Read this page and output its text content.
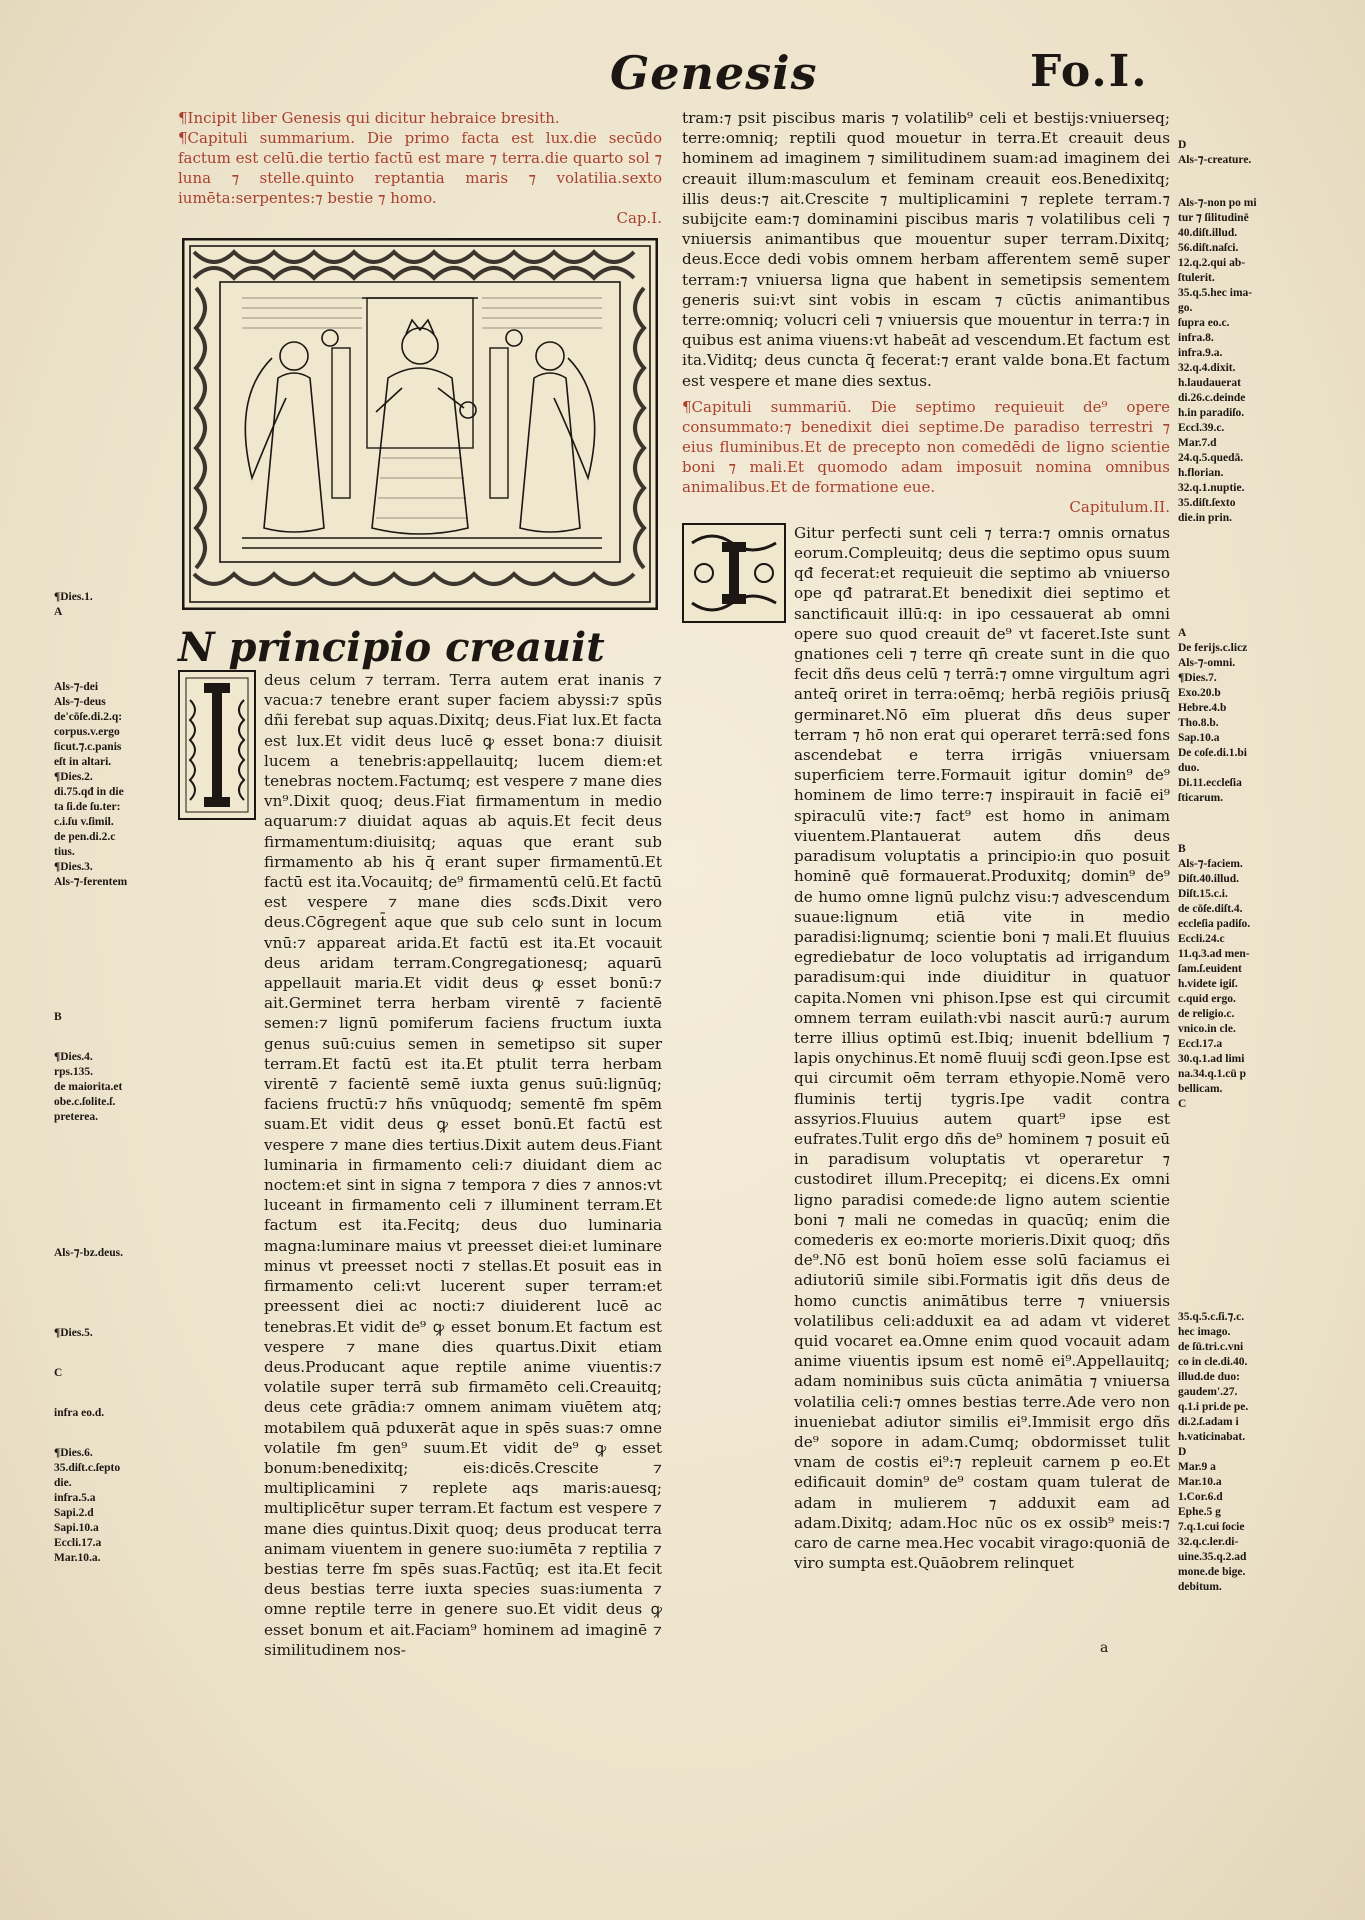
Genesis	Fo.I.
¶Dies.1.
A
Als-⁊-dei
Als-⁊-deus
de'cōſe.di.2.q:
corpus.v.ergo
ſicut.⁊.c.panis
eſt in altari.
¶Dies.2.
di.75.qđ in die
ta ſi.de ſu.ter:
c.i.ſu v.ſimil.
de pen.di.2.c
tius.
¶Dies.3.
Als-⁊-ferentem
B
¶Dies.4.
rps.135.
de maiorita.et
obe.c.ſolite.ſ.
pretereа.
Als-⁊-bz.deus.
¶Dies.5.
C
infra eo.d.
¶Dies.6.
35.diſt.c.ſepto
die.
infra.5.a
Sapi.2.d
Sapi.10.a
Eccli.17.a
Mar.10.a.
D
Als-⁊-creature.
Als-⁊-non po mi
tur ⁊ ſilitudinē
40.diſt.illud.
56.diſt.naſci.
12.q.2.qui ab-
ſtulerit.
35.q.5.hec ima-
go.
ſupra eo.c.
infra.8.
infra.9.a.
32.q.4.dixit.
h.laudauerat
di.26.c.deinde
h.in paradiſo.
Eccl.39.c.
Mar.7.d
24.q.5.quedā.
h.florian.
32.q.1.nuptie.
35.diſt.ſexto
die.in prin.
A
De ferijs.c.licz
Als-⁊-omni.
¶Dies.7.
Exo.20.b
Hebre.4.b
Tho.8.b.
Sap.10.a
De coſe.di.1.bi
duo.
Di.11.eccleſia
ſticarum.
B
Als-⁊-faciem.
Diſt.40.illud.
Diſt.15.c.i.
de cōſe.diſt.4.
eccleſia padiſo.
Eccli.24.c
11.q.3.ad men-
ſam.ſ.euident
h.videte igiſ.
c.quid ergo.
de religio.c.
vnico.in cle.
Eccl.17.a
30.q.1.ad limi
na.34.q.1.cū p
bellicam.
C
35.q.5.c.ſi.⁊.c.
hec imago.
de ſū.tri.c.vni
co in cle.di.40.
illud.de duo:
gaudem'.27.
q.1.i pri.de pe.
di.2.ſ.adam i
h.vaticinabat.
D
Mar.9 a
Mar.10.a
1.Cor.6.d
Ephe.5 g
7.q.1.cui ſocie
32.q.c.ler.di-
uine.35.q.2.ad
mone.de bige.
debitum.

¶Incipit liber Genesis qui dicitur hebraice bresith.
¶Capituli summarium. Die primo facta est lux.die secūdo factum est celū.die tertio factū est mare ⁊ terra.die quarto sol ⁊ luna ⁊ stelle.quinto reptantia maris ⁊ volatilia.sexto iumēta:serpentes:⁊ bestie ⁊ homo.
Cap.I.

N principio creauit

deus celum ⁊ terram. Terra autem erat inanis ⁊ vacua:⁊ tenebre erant super faciem abyssi:⁊ spūs dñi ferebat sup aquas.Dixitq; deus.Fiat lux.Et facta est lux.Et vidit deus lucē ꝙ esset bona:⁊ diuisit lucem a tenebris:appellauitq; lucem diem:et tenebras noctem.Factumq; est vespere ⁊ mane dies vn⁹.Dixit quoq; deus.Fiat firmamentum in medio aquarum:⁊ diuidat aquas ab aquis.Et fecit deus firmamentum:diuisitq; aquas que erant sub firmamento ab his q̄ erant super firmamentū.Et factū est ita.Vocauitq; de⁹ firmamentū celū.Et factū est vespere ⁊ mane dies scđs.Dixit vero deus.Cōgregent̄ aque que sub celo sunt in locum vnū:⁊ appareat arida.Et factū est ita.Et vocauit deus aridam terram.Congregationesq; aquarū appellauit maria.Et vidit deus ꝙ esset bonū:⁊ ait.Germinet terra herbam virentē ⁊ facientē semen:⁊ lignū pomiferum faciens fructum iuxta genus suū:cuius semen in semetipso sit super terram.Et factū est ita.Et ptulit terra herbam virentē ⁊ facientē semē iuxta genus suū:lignūq; faciens fructū:⁊ hñs vnūquodq; sementē fm spēm suam.Et vidit deus ꝙ esset bonū.Et factū est vespere ⁊ mane dies tertius.Dixit autem deus.Fiant luminaria in firmamento celi:⁊ diuidant diem ac noctem:et sint in signa ⁊ tempora ⁊ dies ⁊ annos:vt luceant in firmamento celi ⁊ illuminent terram.Et factum est ita.Fecitq; deus duo luminaria magna:luminare maius vt preesset diei:et luminare minus vt preesset nocti ⁊ stellas.Et posuit eas in firmamento celi:vt lucerent super terram:et preessent diei ac nocti:⁊ diuiderent lucē ac tenebras.Et vidit de⁹ ꝙ esset bonum.Et factum est vespere ⁊ mane dies quartus.Dixit etiam deus.Producant aque reptile anime viuentis:⁊ volatile super terrā sub firmamēto celi.Creauitq; deus cete grādia:⁊ omnem animam viuētem atq; motabilem quā pduxerāt aque in spēs suas:⁊ omne volatile fm gen⁹ suum.Et vidit de⁹ ꝙ esset bonum:benedixitq; eis:dicēs.Crescite ⁊ multiplicamini ⁊ replete aqs maris:auesq; multiplicētur super terram.Et factum est vespere ⁊ mane dies quintus.Dixit quoq; deus producat terra animam viuentem in genere suo:iumēta ⁊ reptilia ⁊ bestias terre fm spēs suas.Factūq; est ita.Et fecit deus bestias terre iuxta species suas:iumenta ⁊ omne reptile terre in genere suo.Et vidit deus ꝙ esset bonum et ait.Faciam⁹ hominem ad imaginē ⁊ similitudinem nos-

tram:⁊ psit piscibus maris ⁊ volatilib⁹ celi et bestijs:vniuerseq; terre:omniq; reptili quod mouetur in terra.Et creauit deus hominem ad imaginem ⁊ similitudinem suam:ad imaginem dei creauit illum:masculum et feminam creauit eos.Benedixitq; illis deus:⁊ ait.Crescite ⁊ multiplicamini ⁊ replete terram.⁊ subijcite eam:⁊ dominamini piscibus maris ⁊ volatilibus celi ⁊ vniuersis animantibus que mouentur super terram.Dixitq; deus.Ecce dedi vobis omnem herbam afferentem semē super terram:⁊ vniuersa ligna que habent in semetipsis sementem generis sui:vt sint vobis in escam ⁊ cūctis animantibus terre:omniq; volucri celi ⁊ vniuersis que mouentur in terra:⁊ in quibus est anima viuens:vt habeāt ad vescendum.Et factum est ita.Viditq; deus cuncta q̄ fecerat:⁊ erant valde bona.Et factum est vespere et mane dies sextus.

¶Capituli summariū. Die septimo requieuit de⁹ opere consummato:⁊ benedixit diei septime.De paradiso terrestri ⁊ eius fluminibus.Et de precepto non comedēdi de ligno scientie boni ⁊ mali.Et quomodo adam imposuit nomina omnibus animalibus.Et de formatione eue.
Capitulum.II.

Gitur perfecti sunt celi ⁊ terra:⁊ omnis ornatus eorum.Compleuitq; deus die septimo opus suum qđ fecerat:et requieuit die septimo ab vniuerso ope qđ patrarat.Et benedixit diei septimo et sanctificauit illū:q: in ipo cessauerat ab omni opere suo quod creauit de⁹ vt faceret.Iste sunt gnationes celi ⁊ terre qn̄ create sunt in die quo fecit dñs deus celū ⁊ terrā:⁊ omne virgultum agri anteq̄ oriret in terra:oēmq; herbā regiōis priusq̄ germinaret.Nō eīm pluerat dñs deus super terram ⁊ hō non erat qui operaret terrā:sed fons ascendebat e terra irrigās vniuersam superficiem terre.Formauit igitur domin⁹ de⁹ hominem de limo terre:⁊ inspirauit in faciē ei⁹ spiraculū vite:⁊ fact⁹ est homo in animam viuentem.Plantauerat autem dñs deus paradisum voluptatis a principio:in quo posuit hominē quē formauerat.Produxitq; domin⁹ de⁹ de humo omne lignū pulchz visu:⁊ advescendum suaue:lignum etiā vite in medio paradisi:lignumq; scientie boni ⁊ mali.Et fluuius egrediebatur de loco voluptatis ad irrigandum paradisum:qui inde diuiditur in quatuor capita.Nomen vni phison.Ipse est qui circumit omnem terram euilath:vbi nascit aurū:⁊ aurum terre illius optimū est.Ibiq; inuenit bdellium ⁊ lapis onychinus.Et nomē fluuij scđi geon.Ipse est qui circumit oēm terram ethyopie.Nomē vero fluminis tertij tygris.Ipe vadit contra assyrios.Fluuius autem quart⁹ ipse est eufrates.Tulit ergo dñs de⁹ hominem ⁊ posuit eū in paradisum voluptatis vt operaretur ⁊ custodiret illum.Precepitq; ei dicens.Ex omni ligno paradisi comede:de ligno autem scientie boni ⁊ mali ne comedas in quacūq; enim die comederis ex eo:morte morieris.Dixit quoq; dñs de⁹.Nō est bonū hoīem esse solū faciamus ei adiutoriū simile sibi.Formatis igit dñs deus de homo cunctis animātibus terre ⁊ vniuersis volatilibus celi:adduxit ea ad adam vt videret quid vocaret ea.Omne enim quod vocauit adam anime viuentis ipsum est nomē ei⁹.Appellauitq; adam nominibus suis cūcta animātia ⁊ vniuersa volatilia celi:⁊ omnes bestias terre.Ade vero non inueniebat adiutor similis ei⁹.Immisit ergo dñs de⁹ sopore in adam.Cumq; obdormisset tulit vnam de costis ei⁹:⁊ repleuit carnem p eo.Et edificauit domin⁹ de⁹ costam quam tulerat de adam in mulierem ⁊ adduxit eam ad adam.Dixitq; adam.Hoc nūc os ex ossib⁹ meis:⁊ caro de carne mea.Hec vocabit virago:quoniā de viro sumpta est.Quāobrem relinquet

a
